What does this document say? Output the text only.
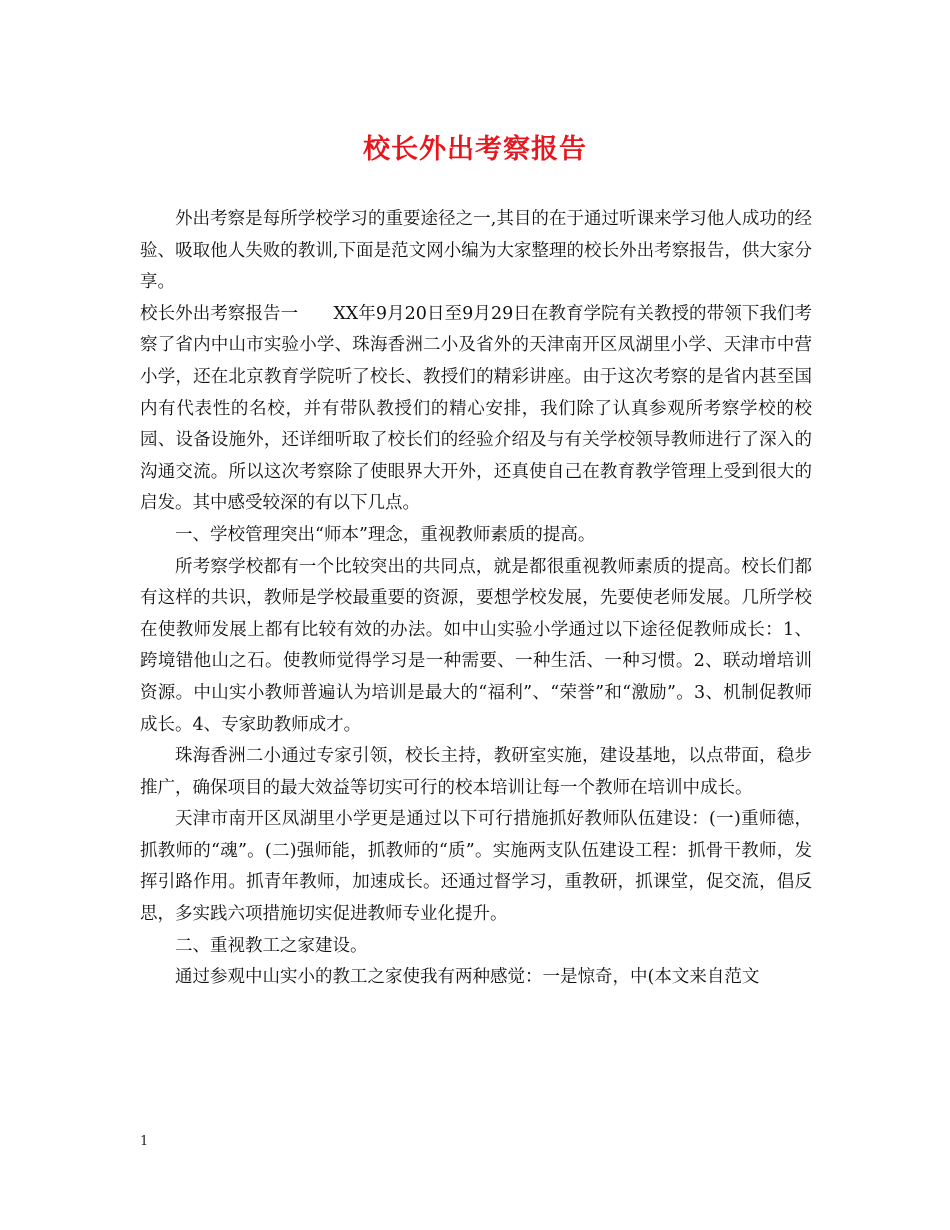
校长外出考察报告

外出考察是每所学校学习的重要途径之一,其目的在于通过听课来学习他人成功的经验、吸取他人失败的教训,下面是范文网小编为大家整理的校长外出考察报告，供大家分享。

校长外出考察报告一　　XX年9月20日至9月29日在教育学院有关教授的带领下我们考察了省内中山市实验小学、珠海香洲二小及省外的天津南开区凤湖里小学、天津市中营小学，还在北京教育学院听了校长、教授们的精彩讲座。由于这次考察的是省内甚至国内有代表性的名校，并有带队教授们的精心安排，我们除了认真参观所考察学校的校园、设备设施外，还详细听取了校长们的经验介绍及与有关学校领导教师进行了深入的沟通交流。所以这次考察除了使眼界大开外，还真使自己在教育教学管理上受到很大的启发。其中感受较深的有以下几点。

一、学校管理突出“师本”理念，重视教师素质的提高。

所考察学校都有一个比较突出的共同点，就是都很重视教师素质的提高。校长们都有这样的共识，教师是学校最重要的资源，要想学校发展，先要使老师发展。几所学校在使教师发展上都有比较有效的办法。如中山实验小学通过以下途径促教师成长：1、跨境错他山之石。使教师觉得学习是一种需要、一种生活、一种习惯。2、联动增培训资源。中山实小教师普遍认为培训是最大的“福利”、“荣誉”和“激励”。3、机制促教师成长。4、专家助教师成才。

珠海香洲二小通过专家引领，校长主持，教研室实施，建设基地，以点带面，稳步推广，确保项目的最大效益等切实可行的校本培训让每一个教师在培训中成长。

天津市南开区凤湖里小学更是通过以下可行措施抓好教师队伍建设：(一)重师德，抓教师的“魂”。(二)强师能，抓教师的“质”。实施两支队伍建设工程：抓骨干教师，发挥引路作用。抓青年教师，加速成长。还通过督学习，重教研，抓课堂，促交流，倡反思，多实践六项措施切实促进教师专业化提升。

二、重视教工之家建设。

通过参观中山实小的教工之家使我有两种感觉：一是惊奇，中(本文来自范文

1
